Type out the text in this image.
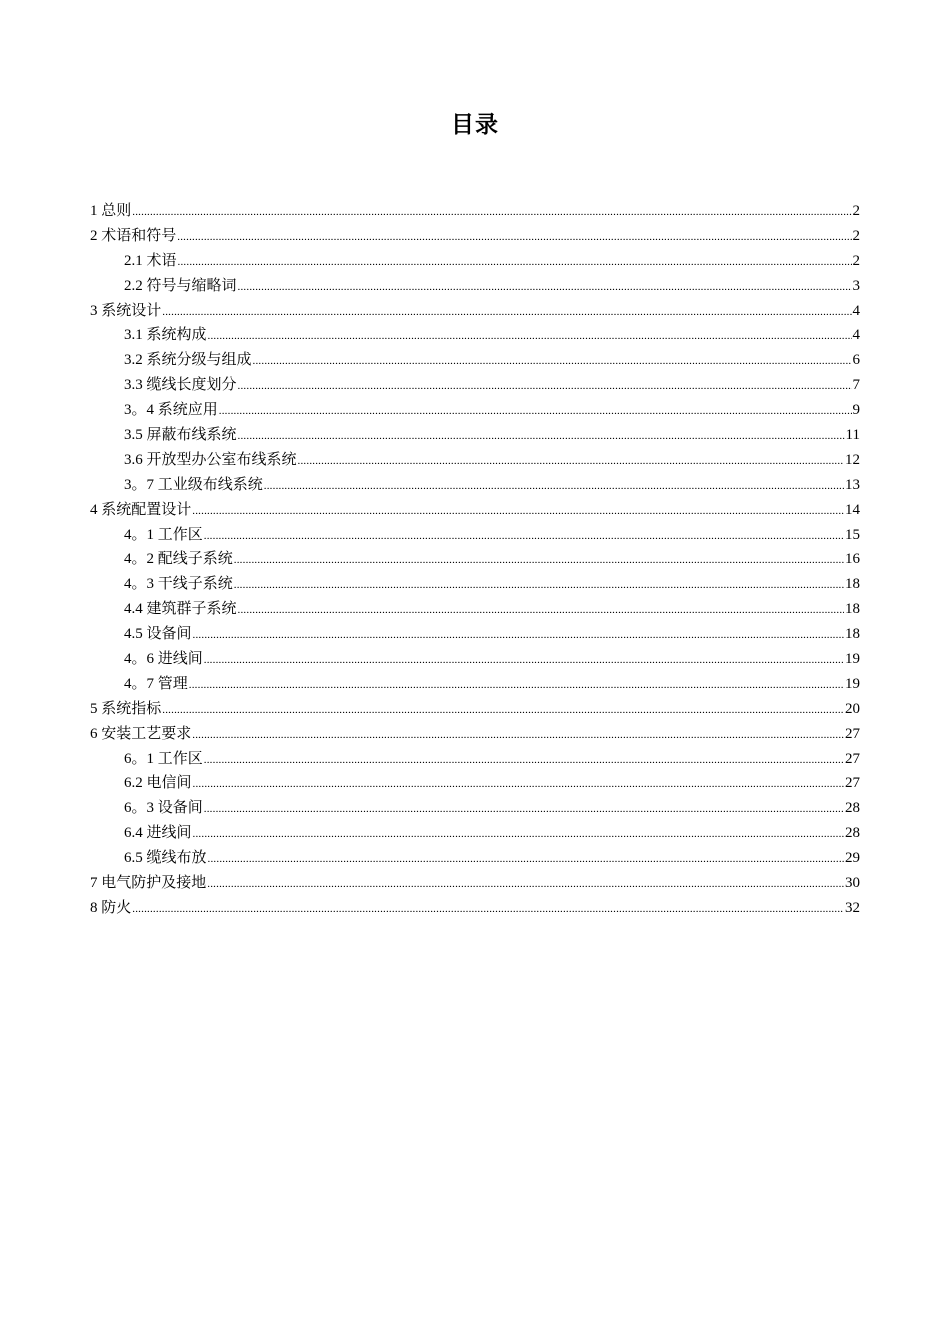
目录
1 总则 .....	2
2 术语和符号 .....	2
2.1 术语 .....	2
2.2 符号与缩略词 .....	3
3 系统设计 .....	4
3.1 系统构成 .....	4
3.2 系统分级与组成 .....	6
3.3 缆线长度划分 .....	7
3。4 系统应用 .....	9
3.5 屏蔽布线系统 .....	11
3.6 开放型办公室布线系统 .....	12
3。7 工业级布线系统 .....	13
4 系统配置设计 .....	14
4。1 工作区 .....	15
4。2 配线子系统 .....	16
4。3 干线子系统 .....	18
4.4 建筑群子系统 .....	18
4.5 设备间 .....	18
4。6 进线间 .....	19
4。7 管理 .....	19
5 系统指标 .....	20
6 安装工艺要求 .....	27
6。1 工作区 .....	27
6.2 电信间 .....	27
6。3 设备间 .....	28
6.4 进线间 .....	28
6.5 缆线布放 .....	29
7 电气防护及接地 .....	30
8 防火 .....	32
